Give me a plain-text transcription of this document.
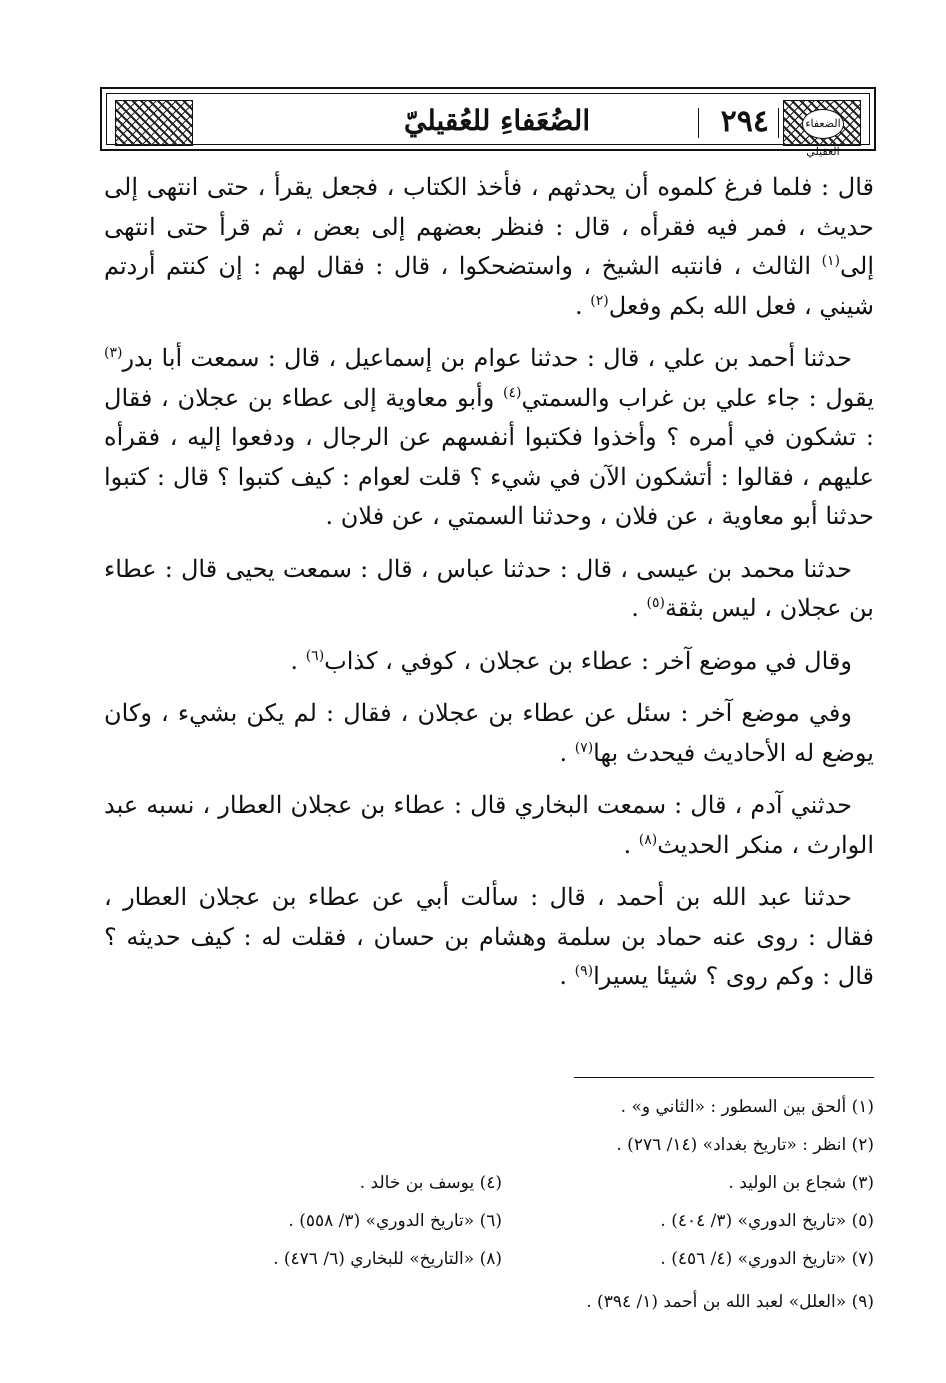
الضعفاء العقيلي
٢٩٤
الضُعَفاءِ للعُقيليّ

قال : فلما فرغ كلموه أن يحدثهم ، فأخذ الكتاب ، فجعل يقرأ ، حتى انتهى إلى حديث ، فمر فيه فقرأه ، قال : فنظر بعضهم إلى بعض ، ثم قرأ حتى انتهى إلى$^{(١)}$ الثالث ، فانتبه الشيخ ، واستضحكوا ، قال : فقال لهم : إن كنتم أردتم شيني ، فعل الله بكم وفعل$^{(٢)}$ .

حدثنا أحمد بن علي ، قال : حدثنا عوام بن إسماعيل ، قال : سمعت أبا بدر$^{(٣)}$ يقول : جاء علي بن غراب والسمتي$^{(٤)}$ وأبو معاوية إلى عطاء بن عجلان ، فقال : تشكون في أمره ؟ وأخذوا فكتبوا أنفسهم عن الرجال ، ودفعوا إليه ، فقرأه عليهم ، فقالوا : أتشكون الآن في شيء ؟ قلت لعوام : كيف كتبوا ؟ قال : كتبوا حدثنا أبو معاوية ، عن فلان ، وحدثنا السمتي ، عن فلان .

حدثنا محمد بن عيسى ، قال : حدثنا عباس ، قال : سمعت يحيى قال : عطاء بن عجلان ، ليس بثقة$^{(٥)}$ .

وقال في موضع آخر : عطاء بن عجلان ، كوفي ، كذاب$^{(٦)}$ .

وفي موضع آخر : سئل عن عطاء بن عجلان ، فقال : لم يكن بشيء ، وكان يوضع له الأحاديث فيحدث بها$^{(٧)}$ .

حدثني آدم ، قال : سمعت البخاري قال : عطاء بن عجلان العطار ، نسبه عبد الوارث ، منكر الحديث$^{(٨)}$ .

حدثنا عبد الله بن أحمد ، قال : سألت أبي عن عطاء بن عجلان العطار ، فقال : روى عنه حماد بن سلمة وهشام بن حسان ، فقلت له : كيف حديثه ؟ قال : وكم روى ؟ شيئا يسيرا$^{(٩)}$ .

(١) ألحق بين السطور : «الثاني و» .
(٢) انظر : «تاريخ بغداد» (١٤/ ٢٧٦) .
(٣) شجاع بن الوليد .
(٤) يوسف بن خالد .
(٥) «تاريخ الدوري» (٣/ ٤٠٤) .
(٦) «تاريخ الدوري» (٣/ ٥٥٨) .
(٧) «تاريخ الدوري» (٤/ ٤٥٦) .
(٨) «التاريخ» للبخاري (٦/ ٤٧٦) .
(٩) «العلل» لعبد الله بن أحمد (١/ ٣٩٤) .
